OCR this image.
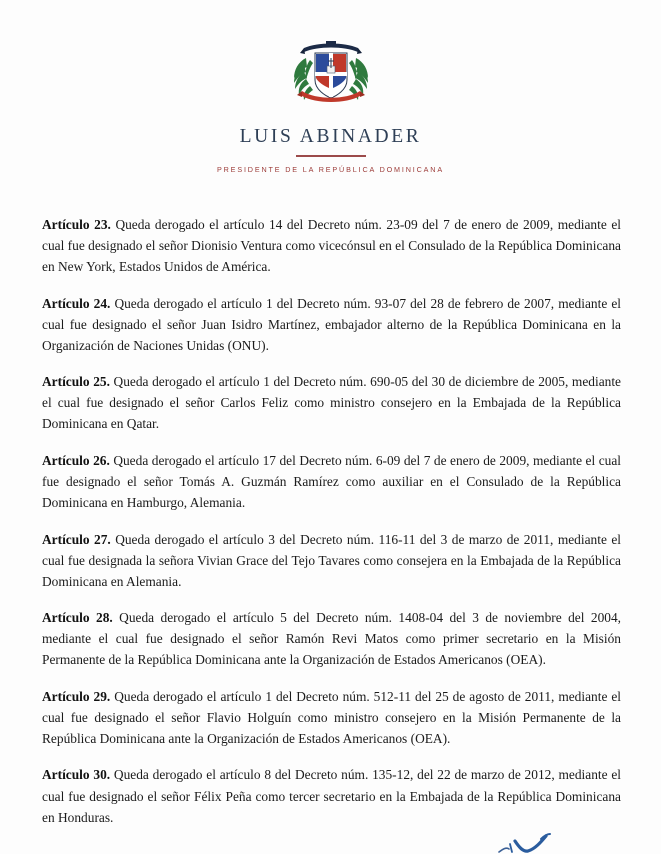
LUIS ABINADER
PRESIDENTE DE LA REPÚBLICA DOMINICANA

Artículo 23. Queda derogado el artículo 14 del Decreto núm. 23-09 del 7 de enero de 2009, mediante el cual fue designado el señor Dionisio Ventura como vicecónsul en el Consulado de la República Dominicana en New York, Estados Unidos de América.

Artículo 24. Queda derogado el artículo 1 del Decreto núm. 93-07 del 28 de febrero de 2007, mediante el cual fue designado el señor Juan Isidro Martínez, embajador alterno de la República Dominicana en la Organización de Naciones Unidas (ONU).

Artículo 25. Queda derogado el artículo 1 del Decreto núm. 690-05 del 30 de diciembre de 2005, mediante el cual fue designado el señor Carlos Feliz como ministro consejero en la Embajada de la República Dominicana en Qatar.

Artículo 26. Queda derogado el artículo 17 del Decreto núm. 6-09 del 7 de enero de 2009, mediante el cual fue designado el señor Tomás A. Guzmán Ramírez como auxiliar en el Consulado de la República Dominicana en Hamburgo, Alemania.

Artículo 27. Queda derogado el artículo 3 del Decreto núm. 116-11 del 3 de marzo de 2011, mediante el cual fue designada la señora Vivian Grace del Tejo Tavares como consejera en la Embajada de la República Dominicana en Alemania.

Artículo 28. Queda derogado el artículo 5 del Decreto núm. 1408-04 del 3 de noviembre del 2004, mediante el cual fue designado el señor Ramón Revi Matos como primer secretario en la Misión Permanente de la República Dominicana ante la Organización de Estados Americanos (OEA).

Artículo 29. Queda derogado el artículo 1 del Decreto núm. 512-11 del 25 de agosto de 2011, mediante el cual fue designado el señor Flavio Holguín como ministro consejero en la Misión Permanente de la República Dominicana ante la Organización de Estados Americanos (OEA).

Artículo 30. Queda derogado el artículo 8 del Decreto núm. 135-12, del 22 de marzo de 2012, mediante el cual fue designado el señor Félix Peña como tercer secretario en la Embajada de la República Dominicana en Honduras.
